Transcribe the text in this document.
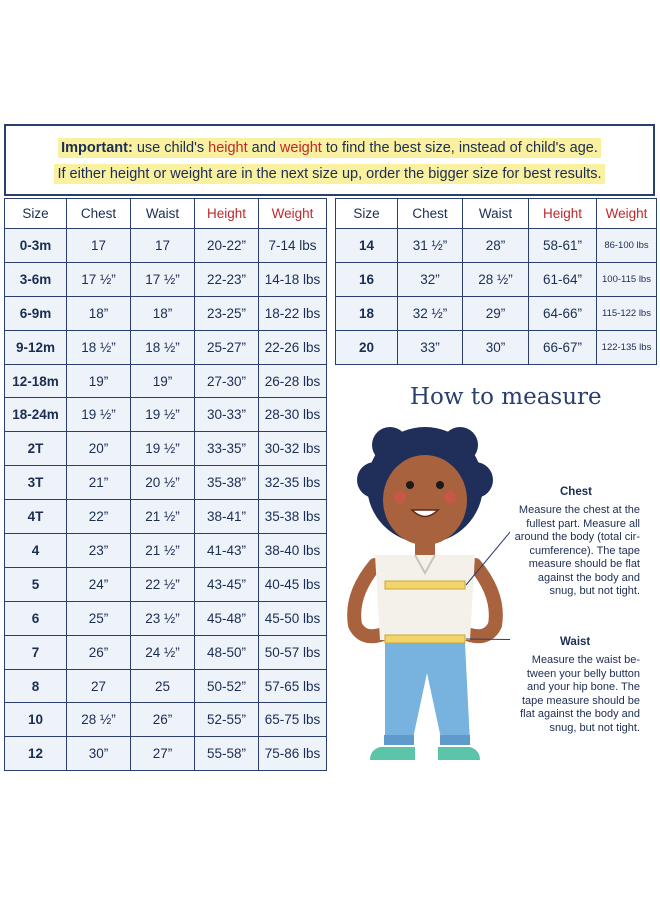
Important: use child's height and weight to find the best size, instead of child's age.
If either height or weight are in the next size up, order the bigger size for best results.
Size	Chest	Waist	Height	Weight
0-3m	17	17	20-22”	7-14 lbs
3-6m	17 ½”	17 ½”	22-23”	14-18 lbs
6-9m	18”	18”	23-25”	18-22 lbs
9-12m	18 ½”	18 ½”	25-27”	22-26 lbs
12-18m	19”	19”	27-30”	26-28 lbs
18-24m	19 ½”	19 ½”	30-33”	28-30 lbs
2T	20”	19 ½”	33-35”	30-32 lbs
3T	21”	20 ½”	35-38”	32-35 lbs
4T	22”	21 ½”	38-41”	35-38 lbs
4	23”	21 ½”	41-43”	38-40 lbs
5	24”	22 ½”	43-45”	40-45 lbs
6	25”	23 ½”	45-48”	45-50 lbs
7	26”	24 ½”	48-50”	50-57 lbs
8	27	25	50-52”	57-65 lbs
10	28 ½”	26”	52-55”	65-75 lbs
12	30”	27”	55-58”	75-86 lbs
Size	Chest	Waist	Height	Weight
14	31 ½”	28”	58-61”	86-100 lbs
16	32”	28 ½”	61-64”	100-115 lbs
18	32 ½”	29”	64-66”	115-122 lbs
20	33”	30”	66-67”	122-135 lbs
How to measure
Chest
Measure the chest at the fullest part. Measure all around the body (total cir-cumference). The tape measure should be flat against the body and snug, but not tight.
Waist
Measure the waist be-tween your belly button and your hip bone. The tape measure should be flat against the body and snug, but not tight.
